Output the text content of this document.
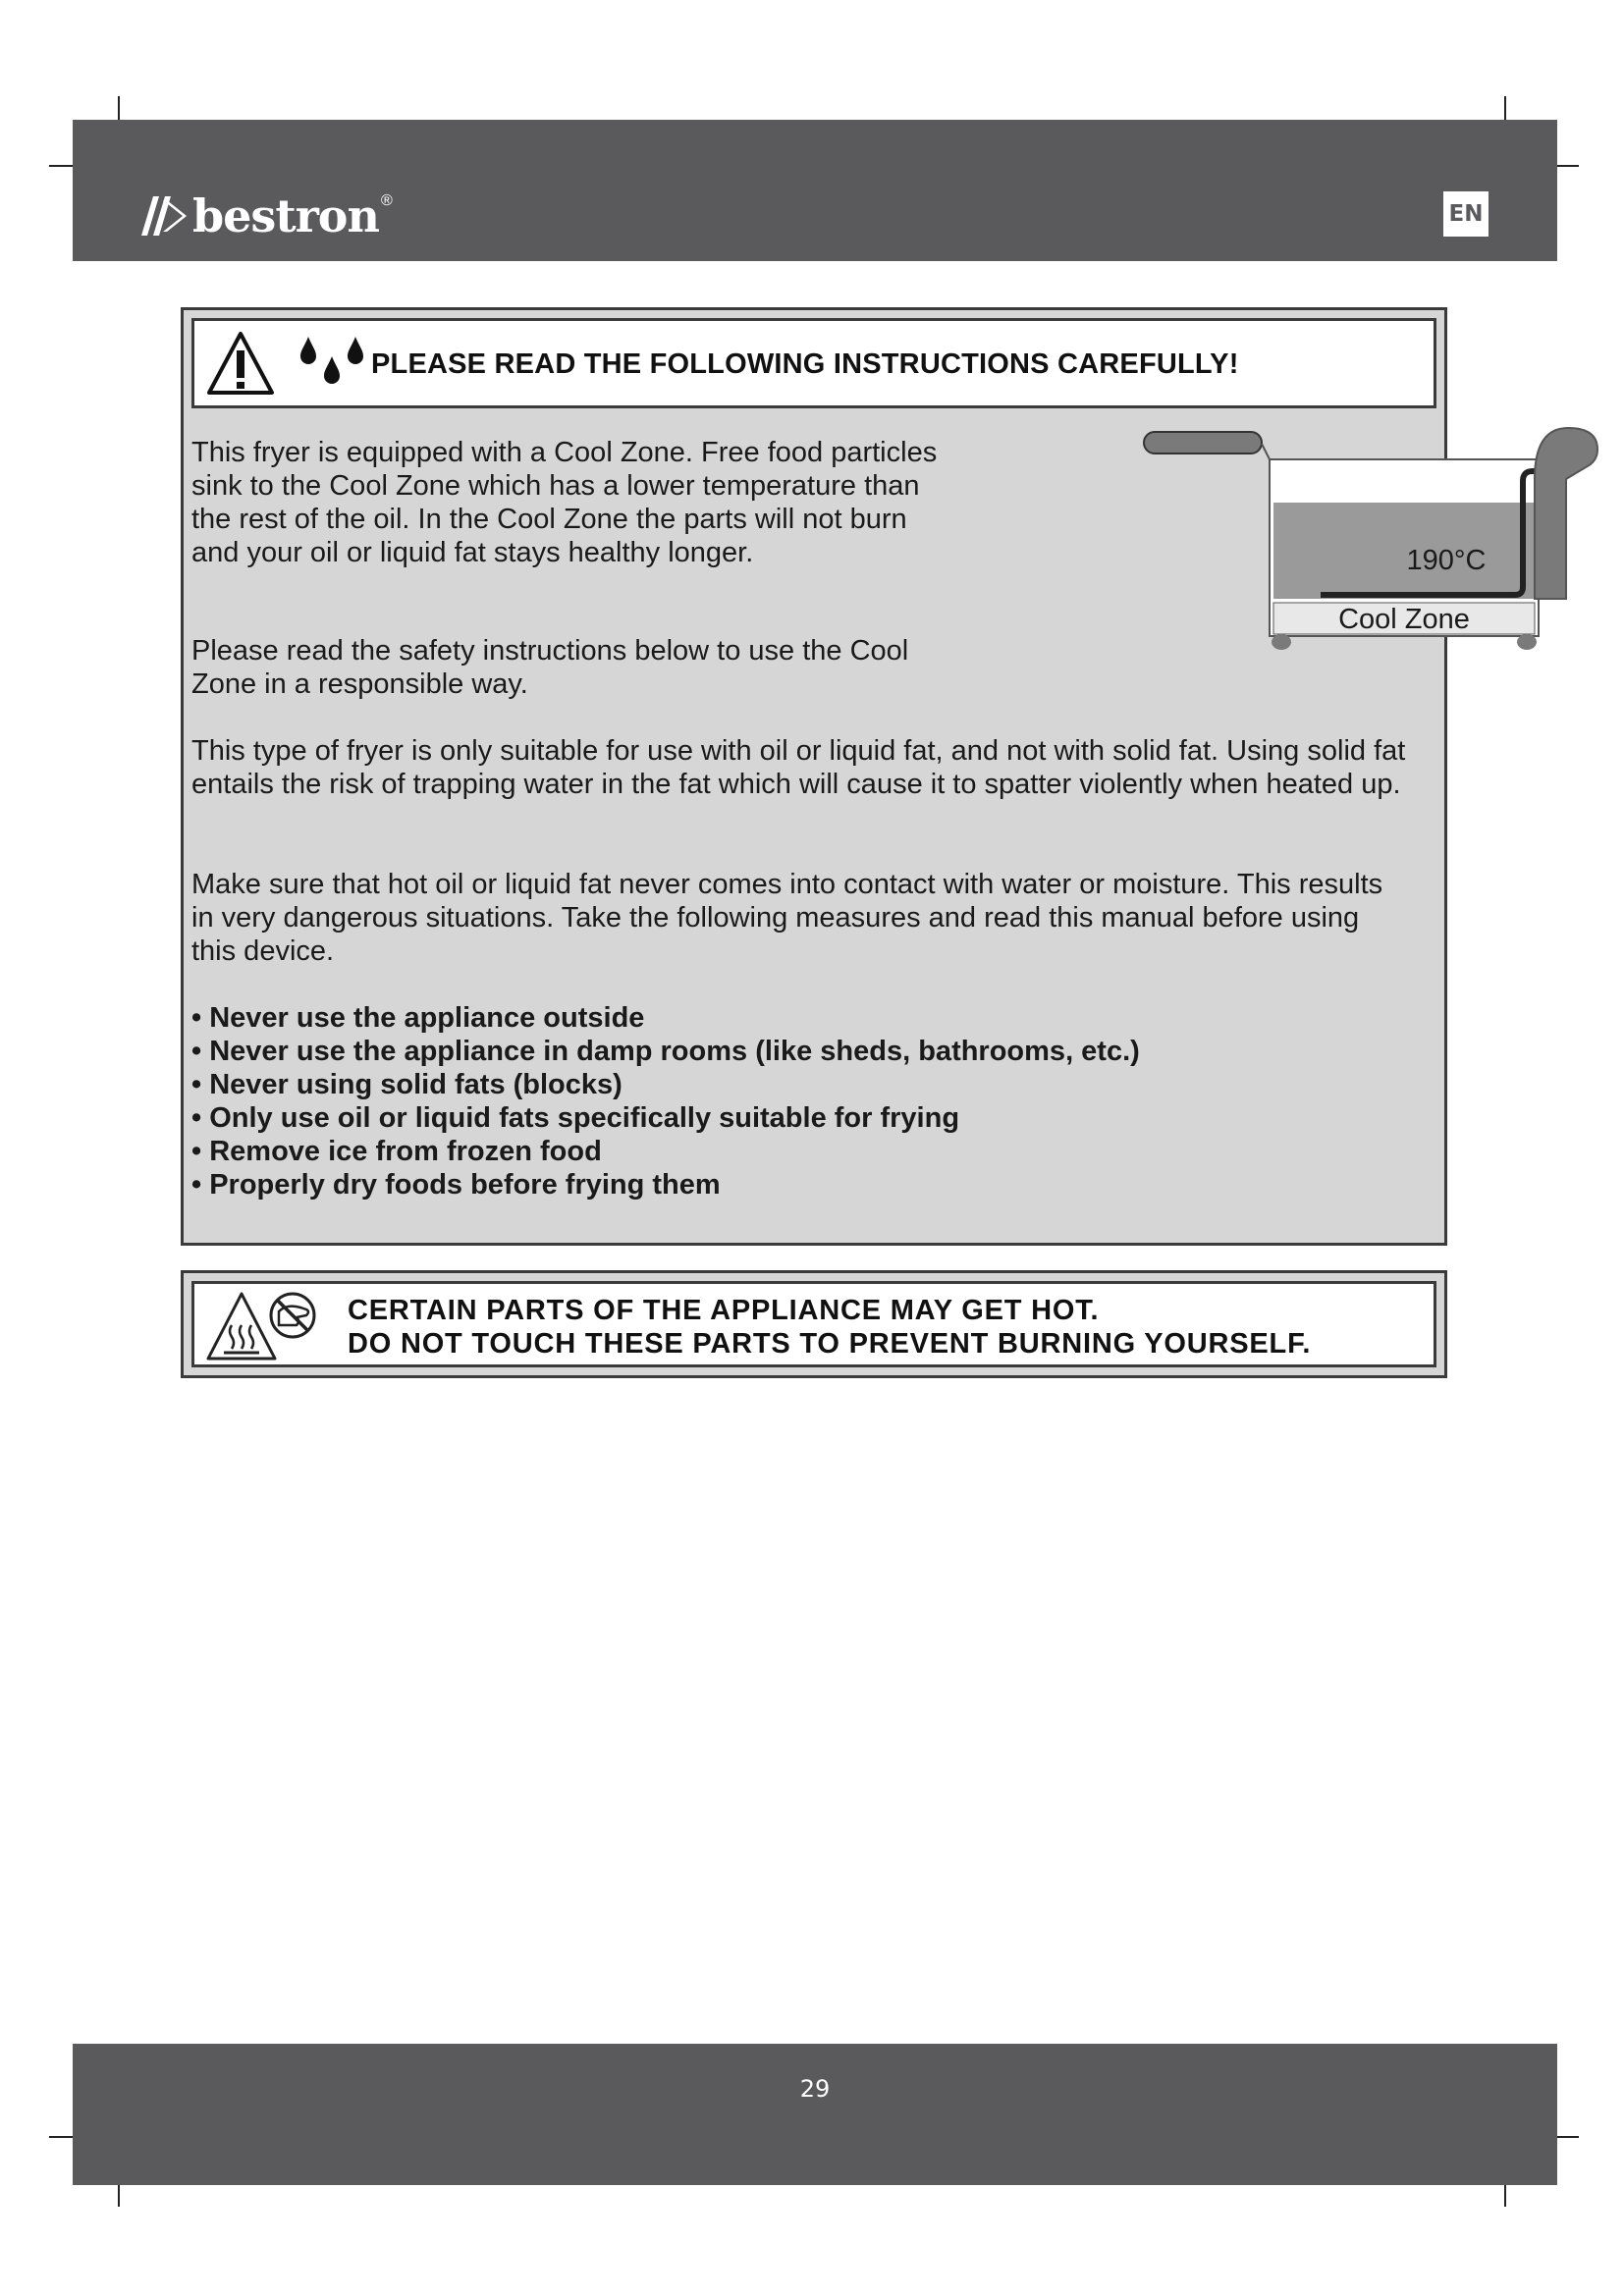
bestron ®
EN
PLEASE READ THE FOLLOWING INSTRUCTIONS CAREFULLY!
This fryer is equipped with a Cool Zone. Free food particles sink to the Cool Zone which has a lower temperature than the rest of the oil. In the Cool Zone the parts will not burn and your oil or liquid fat stays healthy longer.
Please read the safety instructions below to use the Cool Zone in a responsible way.
This type of fryer is only suitable for use with oil or liquid fat, and not with solid fat. Using solid fat entails the risk of trapping water in the fat which will cause it to spatter violently when heated up.
Make sure that hot oil or liquid fat never comes into contact with water or moisture. This results in very dangerous situations. Take the following measures and read this manual before using this device.
• Never use the appliance outside
• Never use the appliance in damp rooms (like sheds, bathrooms, etc.)
• Never using solid fats (blocks)
• Only use oil or liquid fats specifically suitable for frying
• Remove ice from frozen food
• Properly dry foods before frying them
190°C
Cool Zone
CERTAIN PARTS OF THE APPLIANCE MAY GET HOT.
DO NOT TOUCH THESE PARTS TO PREVENT BURNING YOURSELF.
29
